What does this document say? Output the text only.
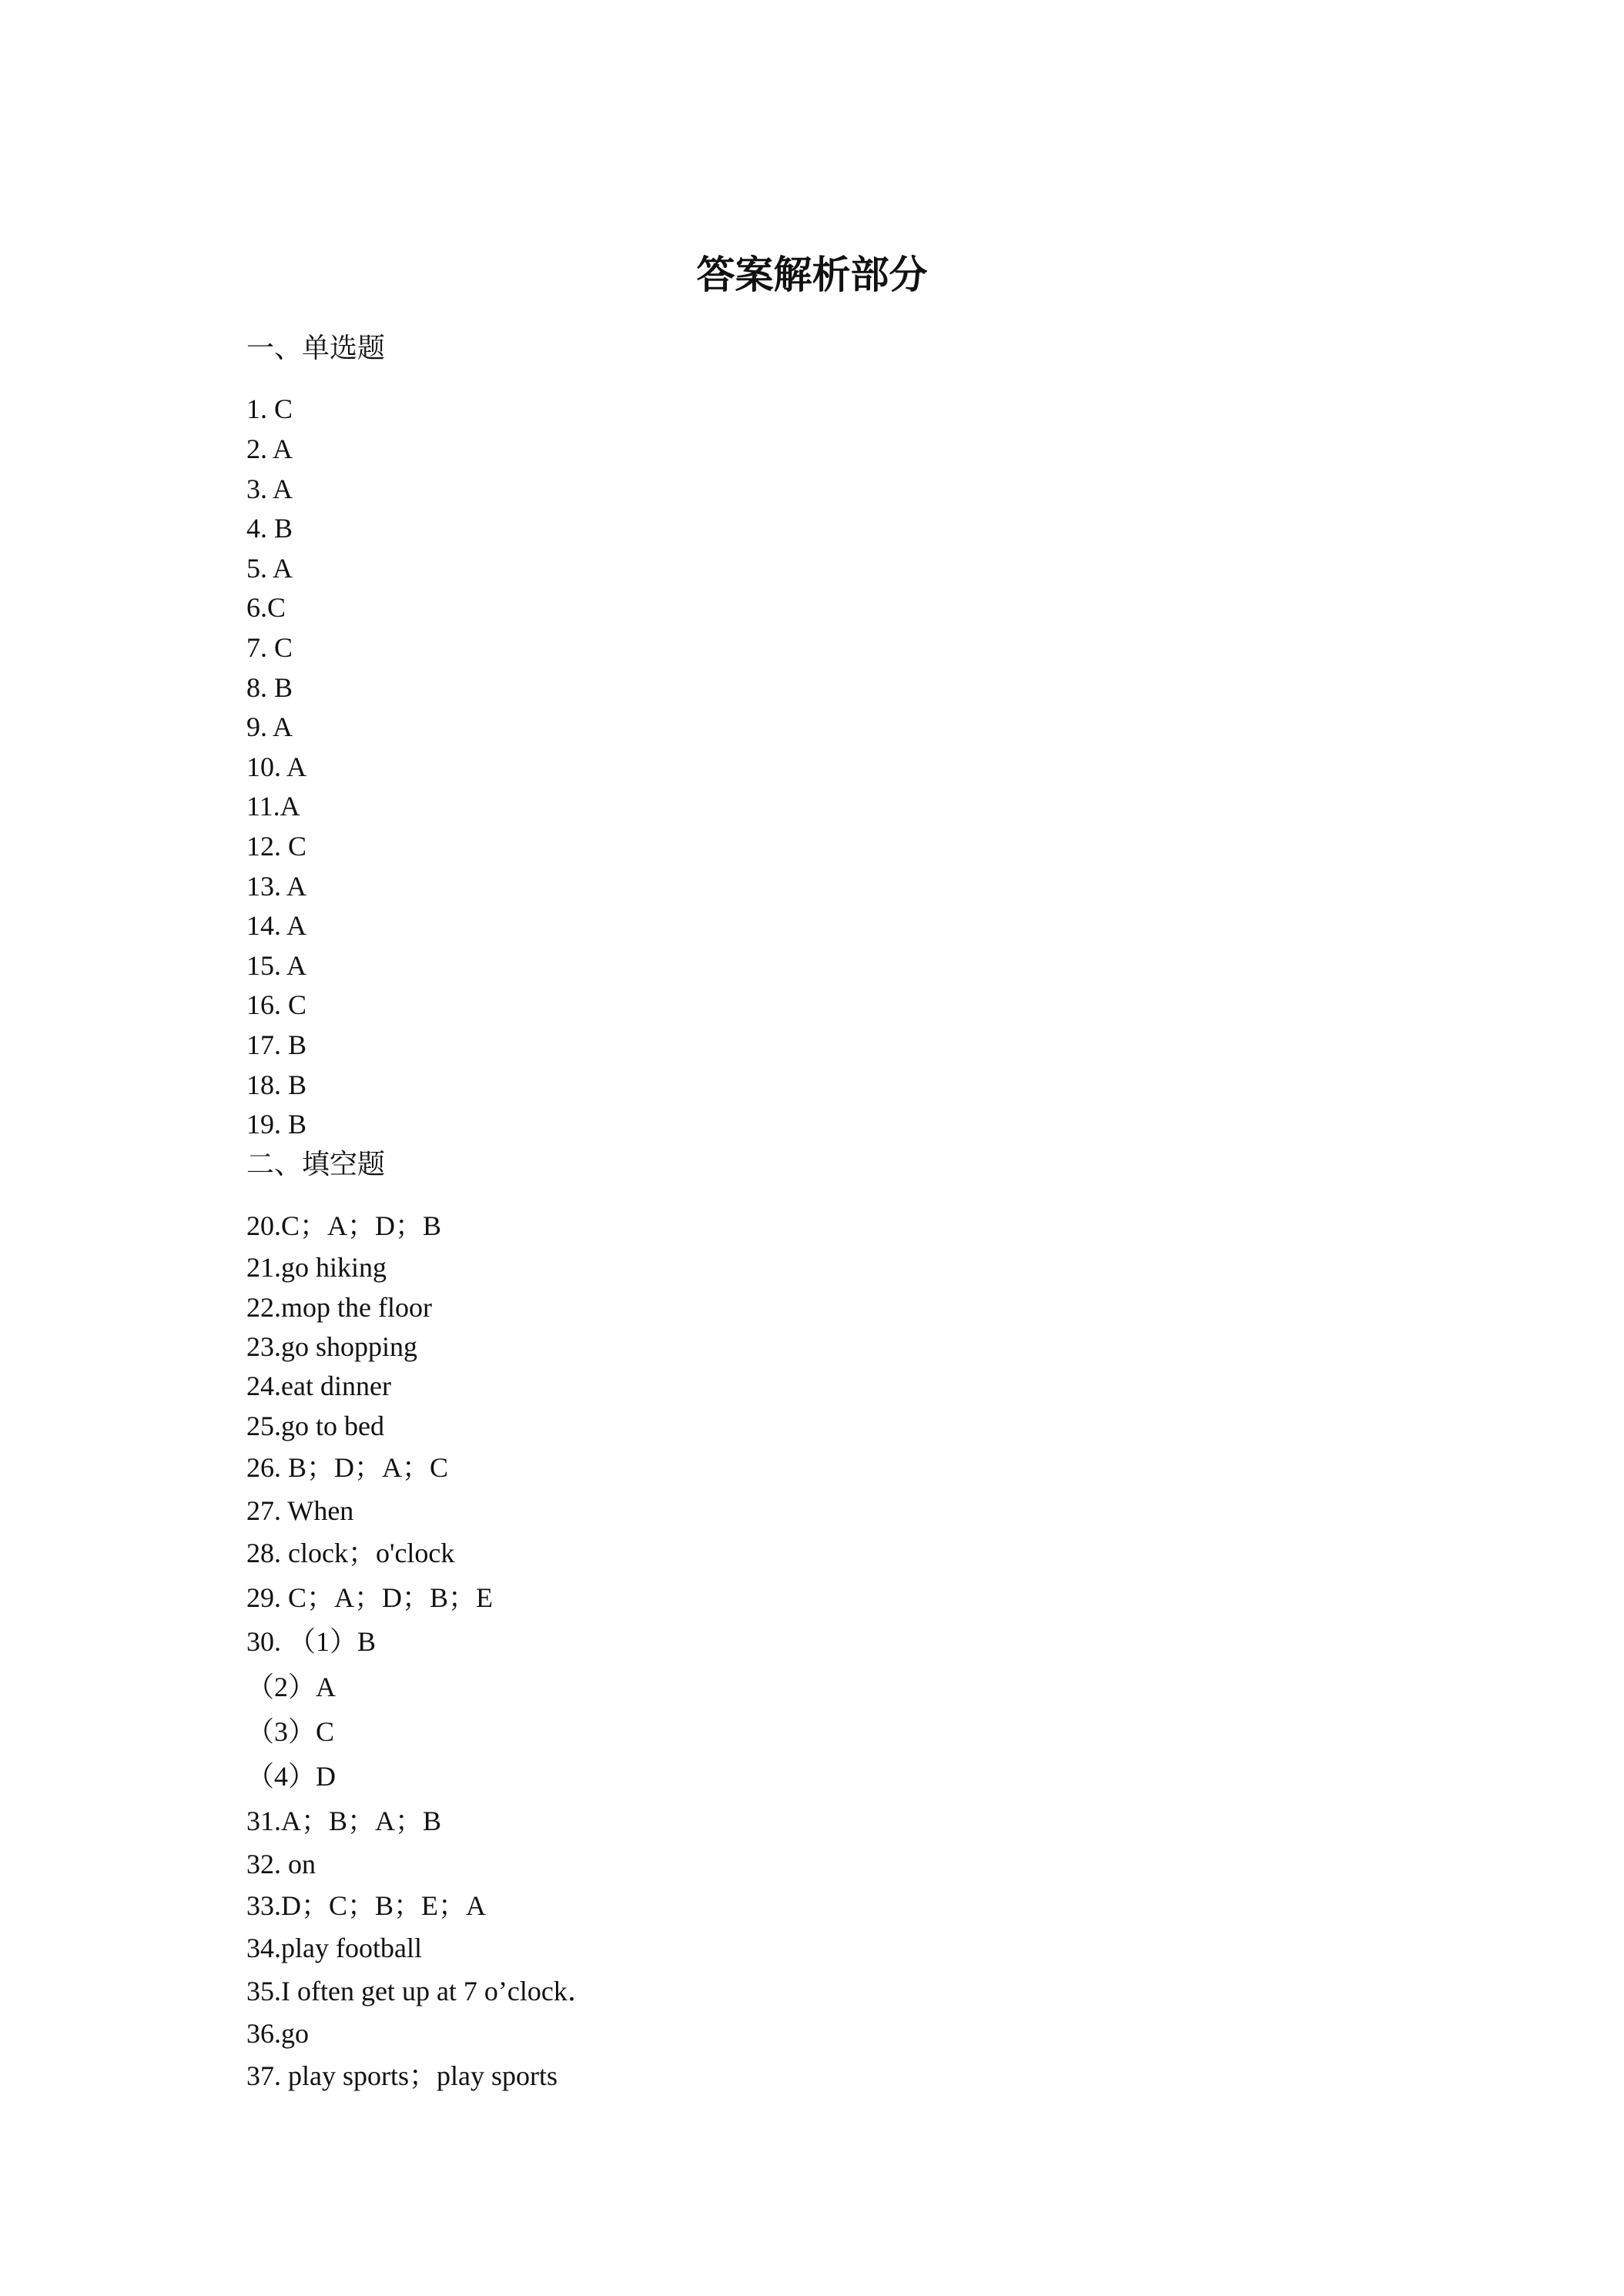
答案解析部分
一、单选题
1. C
2. A
3. A
4. B
5. A
6.C
7. C
8. B
9. A
10. A
11.A
12. C
13. A
14. A
15. A
16. C
17. B
18. B
19. B
二、填空题
20.C；A；D；B
21.go hiking
22.mop the floor
23.go shopping
24.eat dinner
25.go to bed
26. B；D；A；C
27. When
28. clock；o'clock
29. C；A；D；B；E
30. （1）B
（2）A
（3）C
（4）D
31.A；B；A；B
32. on
33.D；C；B；E；A
34.play football
35.I often get up at 7 o’clock．
36.go
37. play sports；play sports
